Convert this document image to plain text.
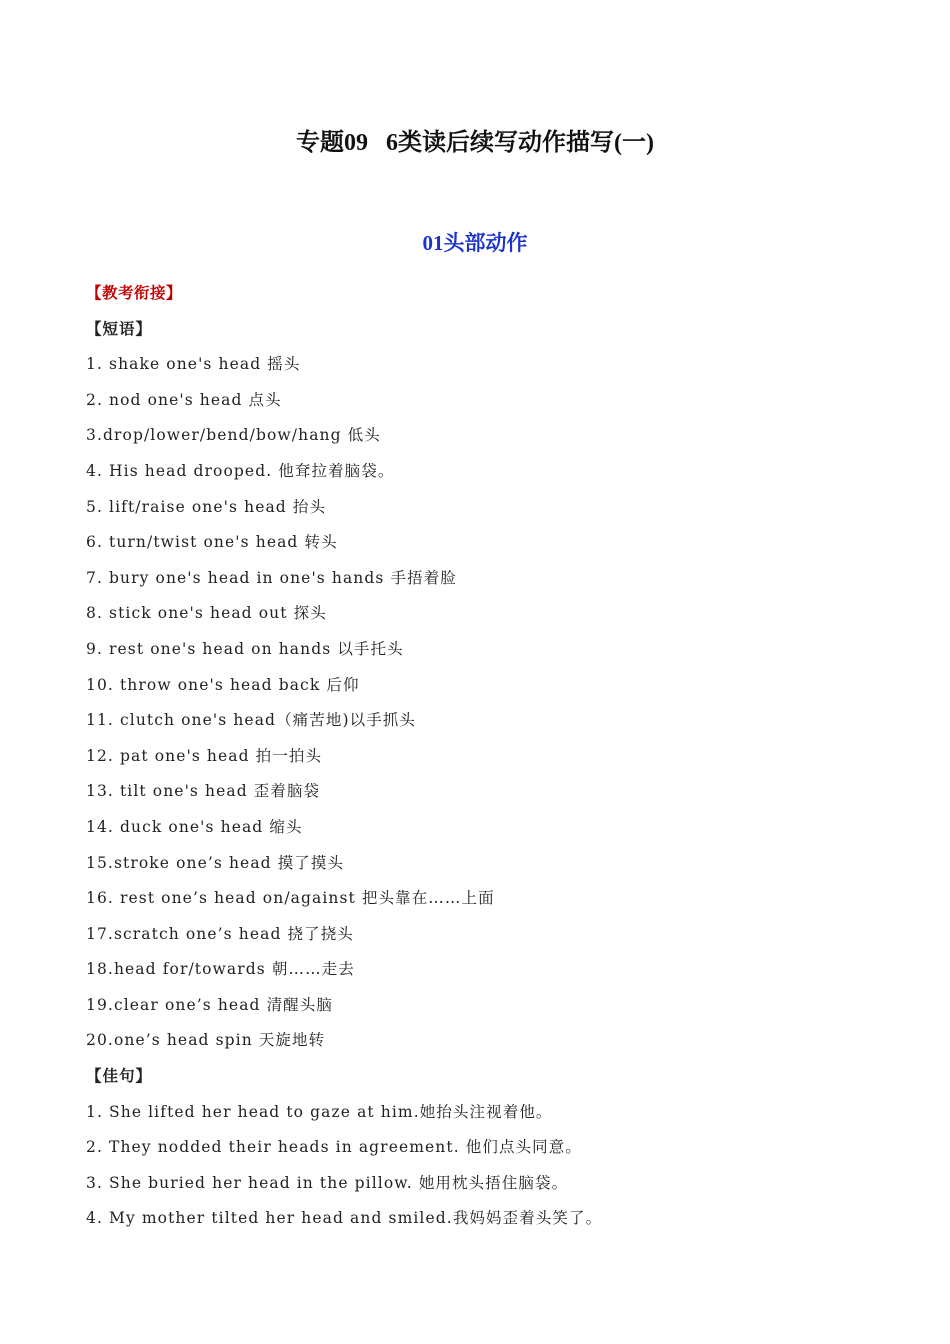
专题09   6类读后续写动作描写(一)
01头部动作
【教考衔接】
【短语】
1. shake one's head 摇头
2. nod one's head 点头
3.drop/lower/bend/bow/hang 低头
4. His head drooped. 他耷拉着脑袋。
5. lift/raise one's head 抬头
6. turn/twist one's head 转头
7. bury one's head in one's hands 手捂着脸
8. stick one's head out 探头
9. rest one's head on hands 以手托头
10. throw one's head back 后仰
11. clutch one's head（痛苦地)以手抓头
12. pat one's head 拍一拍头
13. tilt one's head 歪着脑袋
14. duck one's head 缩头
15.stroke one’s head 摸了摸头
16. rest one’s head on/against 把头靠在……上面
17.scratch one’s head 挠了挠头
18.head for/towards 朝……走去
19.clear one’s head 清醒头脑
20.one’s head spin 天旋地转
【佳句】
1. She lifted her head to gaze at him.她抬头注视着他。
2. They nodded their heads in agreement. 他们点头同意。
3. She buried her head in the pillow. 她用枕头捂住脑袋。
4. My mother tilted her head and smiled.我妈妈歪着头笑了。
